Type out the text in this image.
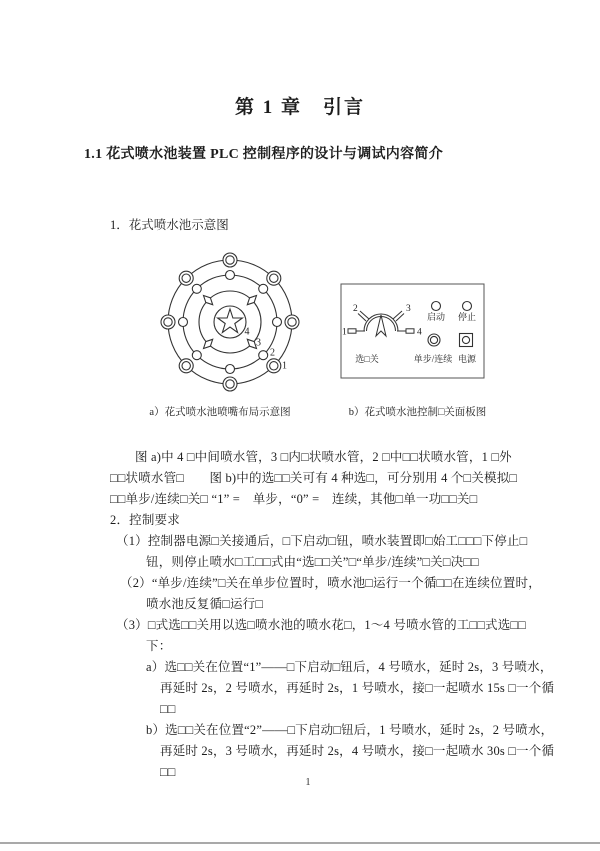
第 1 章　引言
1.1 花式喷水池装置 PLC 控制程序的设计与调试内容简介
1．花式喷水池示意图
4
3
2
1
1
2	3
4
启动 停止
选□关	单步/连续 电源
a）花式喷水池喷嘴布局示意图	b）花式喷水池控制□关面板图
图 a)中 4 □中间喷水管，3 □内□状喷水管，2 □中□□状喷水管，1 □外
□□状喷水管□　　图 b)中的选□□关可有 4 种选□，可分别用 4 个□关模拟□
□□单步/连续□关□ “1” =　单步，“0” =　连续，其他□单一功□□关□
2．控制要求
（1）控制器电源□关接通后，□下启动□钮，喷水装置即□始工□□□下停止□
钮，则停止喷水□工□□式由“选□□关”□“单步/连续”□关□决□□
（2）“单步/连续”□关在单步位置时，喷水池□运行一个循□□在连续位置时，
喷水池反复循□运行□
（3）□式选□□关用以选□喷水池的喷水花□，1～4 号喷水管的工□□式选□□
下：
a）选□□关在位置“1”——□下启动□钮后，4 号喷水，延时 2s，3 号喷水，
再延时 2s，2 号喷水，再延时 2s，1 号喷水，接□一起喷水 15s □一个循
□□
b）选□□关在位置“2”——□下启动□钮后，1 号喷水，延时 2s，2 号喷水，
再延时 2s，3 号喷水，再延时 2s，4 号喷水，接□一起喷水 30s □一个循
□□
1
